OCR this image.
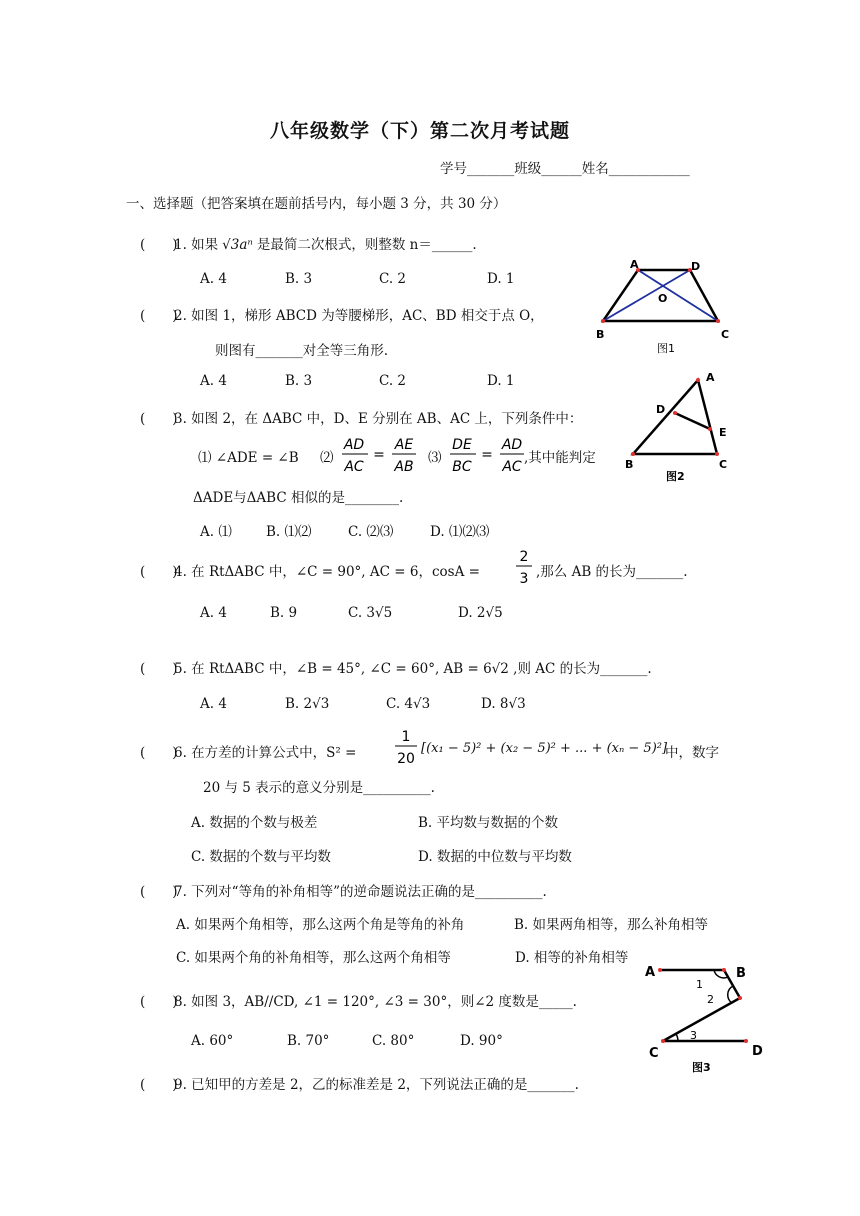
八年级数学（下）第二次月考试题
学号_______班级______姓名____________
一、选择题（把答案填在题前括号内，每小题 3 分，共 30 分）
(　　)
1. 如果 √3aⁿ 是最简二次根式，则整数 n＝______.
A. 4	B. 3	C. 2	D. 1
(　　)
2. 如图 1，梯形 ABCD 为等腰梯形，AC、BD 相交于点 O，
则图有_______对全等三角形.
A. 4	B. 3	C. 2	D. 1
(　　)
3. 如图 2，在 ΔABC 中，D、E 分别在 AB、AC 上，下列条件中：
⑴ ∠ADE = ∠B ⑵
AD
AC
=
AE
AB
⑶
DE
BC
=
AD
AC
,其中能判定
ΔADE与ΔABC 相似的是________.
A. ⑴	B. ⑴⑵	C. ⑵⑶	D. ⑴⑵⑶
(　　)
4. 在 RtΔABC 中，∠C = 90°, AC = 6，cosA =
2
3 ,那么 AB 的长为_______.
A. 4	B. 9	C. 3√5	D. 2√5
(　　)
5. 在 RtΔABC 中，∠B = 45°, ∠C = 60°, AB = 6√2 ,则 AC 的长为_______.
A. 4	B. 2√3	C. 4√3	D. 8√3
(　　)
6. 在方差的计算公式中，S² =
1
20
[(x₁ − 5)² + (x₂ − 5)² + ... + (xₙ − 5)²]
中，数字
20 与 5 表示的意义分别是__________.
A. 数据的个数与极差	B. 平均数与数据的个数
C. 数据的个数与平均数	D. 数据的中位数与平均数
(　　)
7. 下列对“等角的补角相等”的逆命题说法正确的是__________.
A. 如果两个角相等，那么这两个角是等角的补角	B. 如果两角相等，那么补角相等
C. 如果两个角的补角相等，那么这两个角相等	D. 相等的补角相等
(　　)
8. 如图 3，AB//CD, ∠1 = 120°, ∠3 = 30°，则∠2 度数是_____.
A. 60°	B. 70°	C. 80°	D. 90°
(　　)
9. 已知甲的方差是 2，乙的标准差是 2，下列说法正确的是_______.
A	D
O
B	C
图1
A
D
E
B	C
图2
A	B
1
2
3
C	D
图3
